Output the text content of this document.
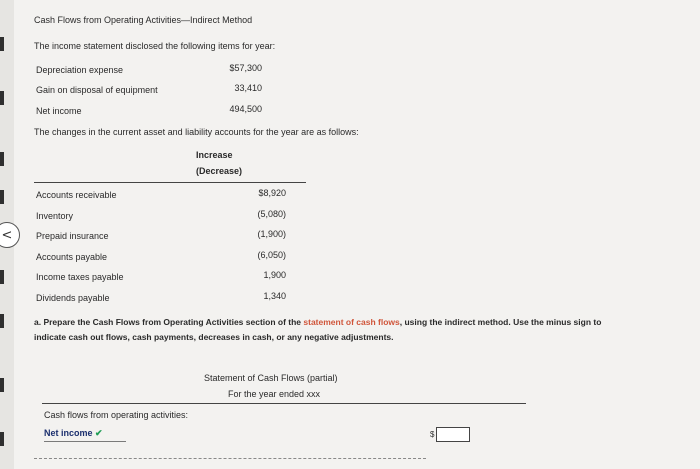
Cash Flows from Operating Activities—Indirect Method
The income statement disclosed the following items for year:
Depreciation expense	$57,300
Gain on disposal of equipment	33,410
Net income	494,500
The changes in the current asset and liability accounts for the year are as follows:
Increase
(Decrease)
Accounts receivable	$8,920
Inventory	(5,080)
Prepaid insurance	(1,900)
Accounts payable	(6,050)
Income taxes payable	1,900
Dividends payable	1,340
a. Prepare the Cash Flows from Operating Activities section of the statement of cash flows, using the indirect method. Use the minus sign to
indicate cash out flows, cash payments, decreases in cash, or any negative adjustments.
Statement of Cash Flows (partial)
For the year ended xxx
Cash flows from operating activities:
Net income ✔	$
<
